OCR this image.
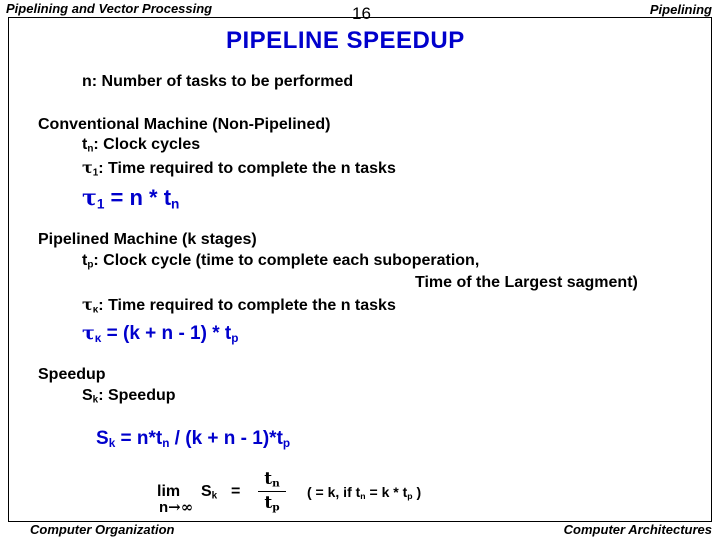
Pipelining and Vector Processing	16	Pipelining
PIPELINE SPEEDUP
n: Number of tasks to be performed
Conventional Machine (Non-Pipelined)
$t_n$: Clock cycles
$\tau_1$: Time required to complete the n tasks
$\tau_1 = n * t_n$
Pipelined Machine (k stages)
$t_p$: Clock cycle (time to complete each suboperation,
Time of the Largest sagment)
$\tau_\kappa$: Time required to complete the n tasks
$\tau_\kappa = (k + n - 1) * t_p$
Speedup
$S_k$: Speedup
$S_k = n*t_n / (k + n - 1)*t_p$
lim
n→∞
$S_k = \frac{t_n}{t_p}$ ( = k, if $t_n = k * t_p$ )
Computer Organization	Computer Architectures
